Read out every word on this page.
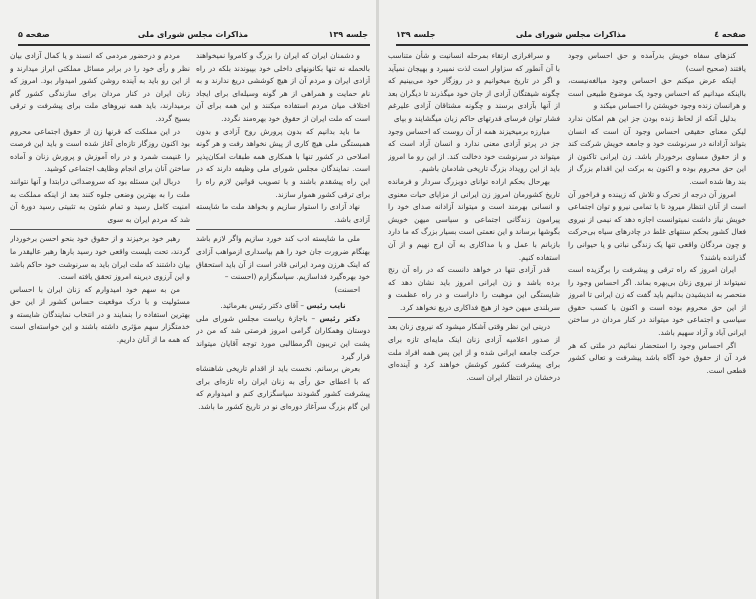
جلسه ۱۳۹
مذاکرات مجلس شورای ملی
صفحه ۵

و دشمنان ایران که ایران را بزرگ و کامروا نمیخواهند بالحمله نه تنها بکانونهای داخلی خود بپیوندند بلکه در راه آزادی ایران و مردم آن از هیچ کوششی دریغ ندارند و به نام حمایت و همراهی از هر گونه وسیله‌ای برای ایجاد اختلاف میان مردم استفاده میکنند و این همه برای آن است که ملت ایران از حقوق خود بهره‌مند نگردد.

ما باید بدانیم که بدون پرورش روح آزادی و بدون همبستگی ملی هیچ کاری از پیش نخواهد رفت و هر گونه اصلاحی در کشور تنها با همکاری همه طبقات امکان‌پذیر است. نمایندگان مجلس شورای ملی وظیفه دارند که در این راه پیشقدم باشند و با تصویب قوانین لازم راه را برای ترقی کشور هموار سازند.

نهاد آزادی را استوار سازیم و بخواهد ملت ما شایسته آزادی باشد.

ملی ما شایسته ادب کند خورد سازیم واگر لازم باشد بهنگام ضرورت جان خود را هم بپاسداری ازمواهب آزادی که اینک هرزن ومرد ایرانی قادر است از آن باید استحقاق خود بهره‌گیرد فداسازیم. سپاسگزارم (احسنت –

احسنت)

نایب رئیس – آقای دکتر رئیس بفرمائید.

دکتر رئیس – باجازهٔ ریاست مجلس شورای ملی دوستان وهمکاران گرامی امروز فرصتی شد که من در پشت این تریبون اگرمطالبی مورد توجه آقایان میتواند قرار گیرد

بعرض برسانم. نخست باید از اقدام تاریخی شاهنشاه که با اعطای حق رأی به زنان ایران راه تازه‌ای برای پیشرفت کشور گشودند سپاسگزاری کنم و امیدوارم که این گام بزرگ سرآغاز دوره‌ای نو در تاریخ کشور ما باشد.

مردم و درحضور مردمی که انسند و یا کمال آزادی بیان نظر و رأی خود را در برابر مسائل مملکتی ابراز میدارند و از این رو باید به آینده روشن کشور امیدوار بود. امروز که زنان ایران در کنار مردان برای سازندگی کشور گام برمیدارند، باید همه نیروهای ملت برای پیشرفت و ترقی بسیج گردد.

در این مملکت که قرنها زن از حقوق اجتماعی محروم بود اکنون روزگار تازه‌ای آغاز شده است و باید این فرصت را غنیمت شمرد و در راه آموزش و پرورش زنان و آماده ساختن آنان برای انجام وظایف اجتماعی کوشید.

دربال این مسئله بود که سروصدائی درابتدا و آنها نتوانند ملت را به بهترین وضعی جلوه کنند بعد از اینکه مملکت به امنیت کامل رسید و تمام شئون به تثبیتی رسید دورهٔ آن شد که مردم ایران به سوی

رهبر خود برخیزند و از حقوق خود بنحو احسن برخوردار گردند، تحت بلیست واقعی خود رسید بارها رهبر عالیقدر ما بیان داشتند که ملت ایران باید به سرنوشت خود حاکم باشد و این آرزوی دیرینه امروز تحقق یافته است.

من به سهم خود امیدوارم که زنان ایران با احساس مسئولیت و با درک موقعیت حساس کشور از این حق بهترین استفاده را بنمایند و در انتخاب نمایندگان شایسته و خدمتگزار سهم مؤثری داشته باشند و این خواسته‌ای است که همه ما از آنان داریم.

صفحه ٤
مذاکرات مجلس شورای ملی
جلسه ۱۳۹

کنزهای سفاه خویش بدرآمده و حق احساس وجود یافتند (صحیح است)

اینکه عرض میکنم حق احساس وجود مبالغه‌نیست، بااینکه میدانیم که احساس وجود یک موضوع طبیعی است و هرانسان زنده وجود خویشتن را احساس میکند و

بدلیل آنکه از لحاظ زنده بودن جز این هم امکان ندارد لیکن معنای حقیقی احساس وجود آن است که انسان بتواند آزادانه در سرنوشت خود و جامعه خویش شرکت کند و از حقوق مساوی برخوردار باشد. زن ایرانی تاکنون از این حق محروم بوده و اکنون به برکت این اقدام بزرگ از بند رها شده است.

امروز آن درجه از تحرک و تلاش که زیبنده و فراخور آن است از آنان انتظار میرود تا با تمامی نیرو و توان اجتماعی خویش نیاز داشت نمیتوانست اجازه دهد که نیمی از نیروی فعال کشور بحکم سنتهای غلط در چادرهای سیاه بی‌حرکت و چون مردگان واقعی تنها یک زندگی نباتی و یا حیوانی را گذرانده باشند؟

ایران امروز که راه ترقی و پیشرفت را برگزیده است نمیتواند از نیروی زنان بی‌بهره بماند. اگر احساس وجود را منحصر به اندیشیدن بدانیم باید گفت که زن ایرانی تا امروز از این حق محروم بوده است و اکنون با کسب حقوق سیاسی و اجتماعی خود میتواند در کنار مردان در ساختن ایرانی آباد و آزاد سهیم باشد.

اگر احساس وجود را استحضار نمائیم در ملتی که هر فرد آن از حقوق خود آگاه باشد پیشرفت و تعالی کشور قطعی است.

و سرافرازی ارتقاء بمرحله انسانیت و شأن متناسب با آن آنطور که سزاوار است لذت نمیبرد و بهیجان نمیآید و اگر در تاریخ میخوانیم و در روزگار خود می‌بینیم که چگونه شیفتگان آزادی از جان خود میگذرند تا دیگران بعد از آنها بآزادی برسند و چگونه مشتاقان آزادی علیرغم فشار توان فرسای قدرتهای حاکم زبان میگشایند و بپای

مبارزه برمیخیزند همه از آن روست که احساس وجود جز در پرتو آزادی معنی ندارد و انسان آزاد است که میتواند در سرنوشت خود دخالت کند. از این رو ما امروز باید از این رویداد بزرگ تاریخی شادمان باشیم.

بهرحال بحکم اراده توانای دوبزرگ سردار و فرمانده تاریخ کشورمان امروز زن ایرانی از مزایای حیات معنوی و انسانی بهرمند است و میتواند آزادانه صدای خود را پیرامون زندگانی اجتماعی و سیاسی میهن خویش بگوشها برساند و این نعمتی است بسیار بزرگ که ما دارد بازبانم با عمل و با مداکاری به آن ارج نهیم و از آن استفاده کنیم.

قدر آزادی تنها در خواهد دانست که در راه آن رنج برده باشد و زن ایرانی امروز باید نشان دهد که شایستگی این موهبت را داراست و در راه عظمت و سربلندی میهن خود از هیچ فداکاری دریغ نخواهد کرد.

درینی این نظر وقتی آشکار میشود که نیروی زنان بعد از صدور اعلامیه آزادی زنان اینک مایه‌ای تازه برای حرکت جامعه ایرانی شده و از این پس همه افراد ملت برای پیشرفت کشور کوشش خواهند کرد و آینده‌ای درخشان در انتظار ایران است.
